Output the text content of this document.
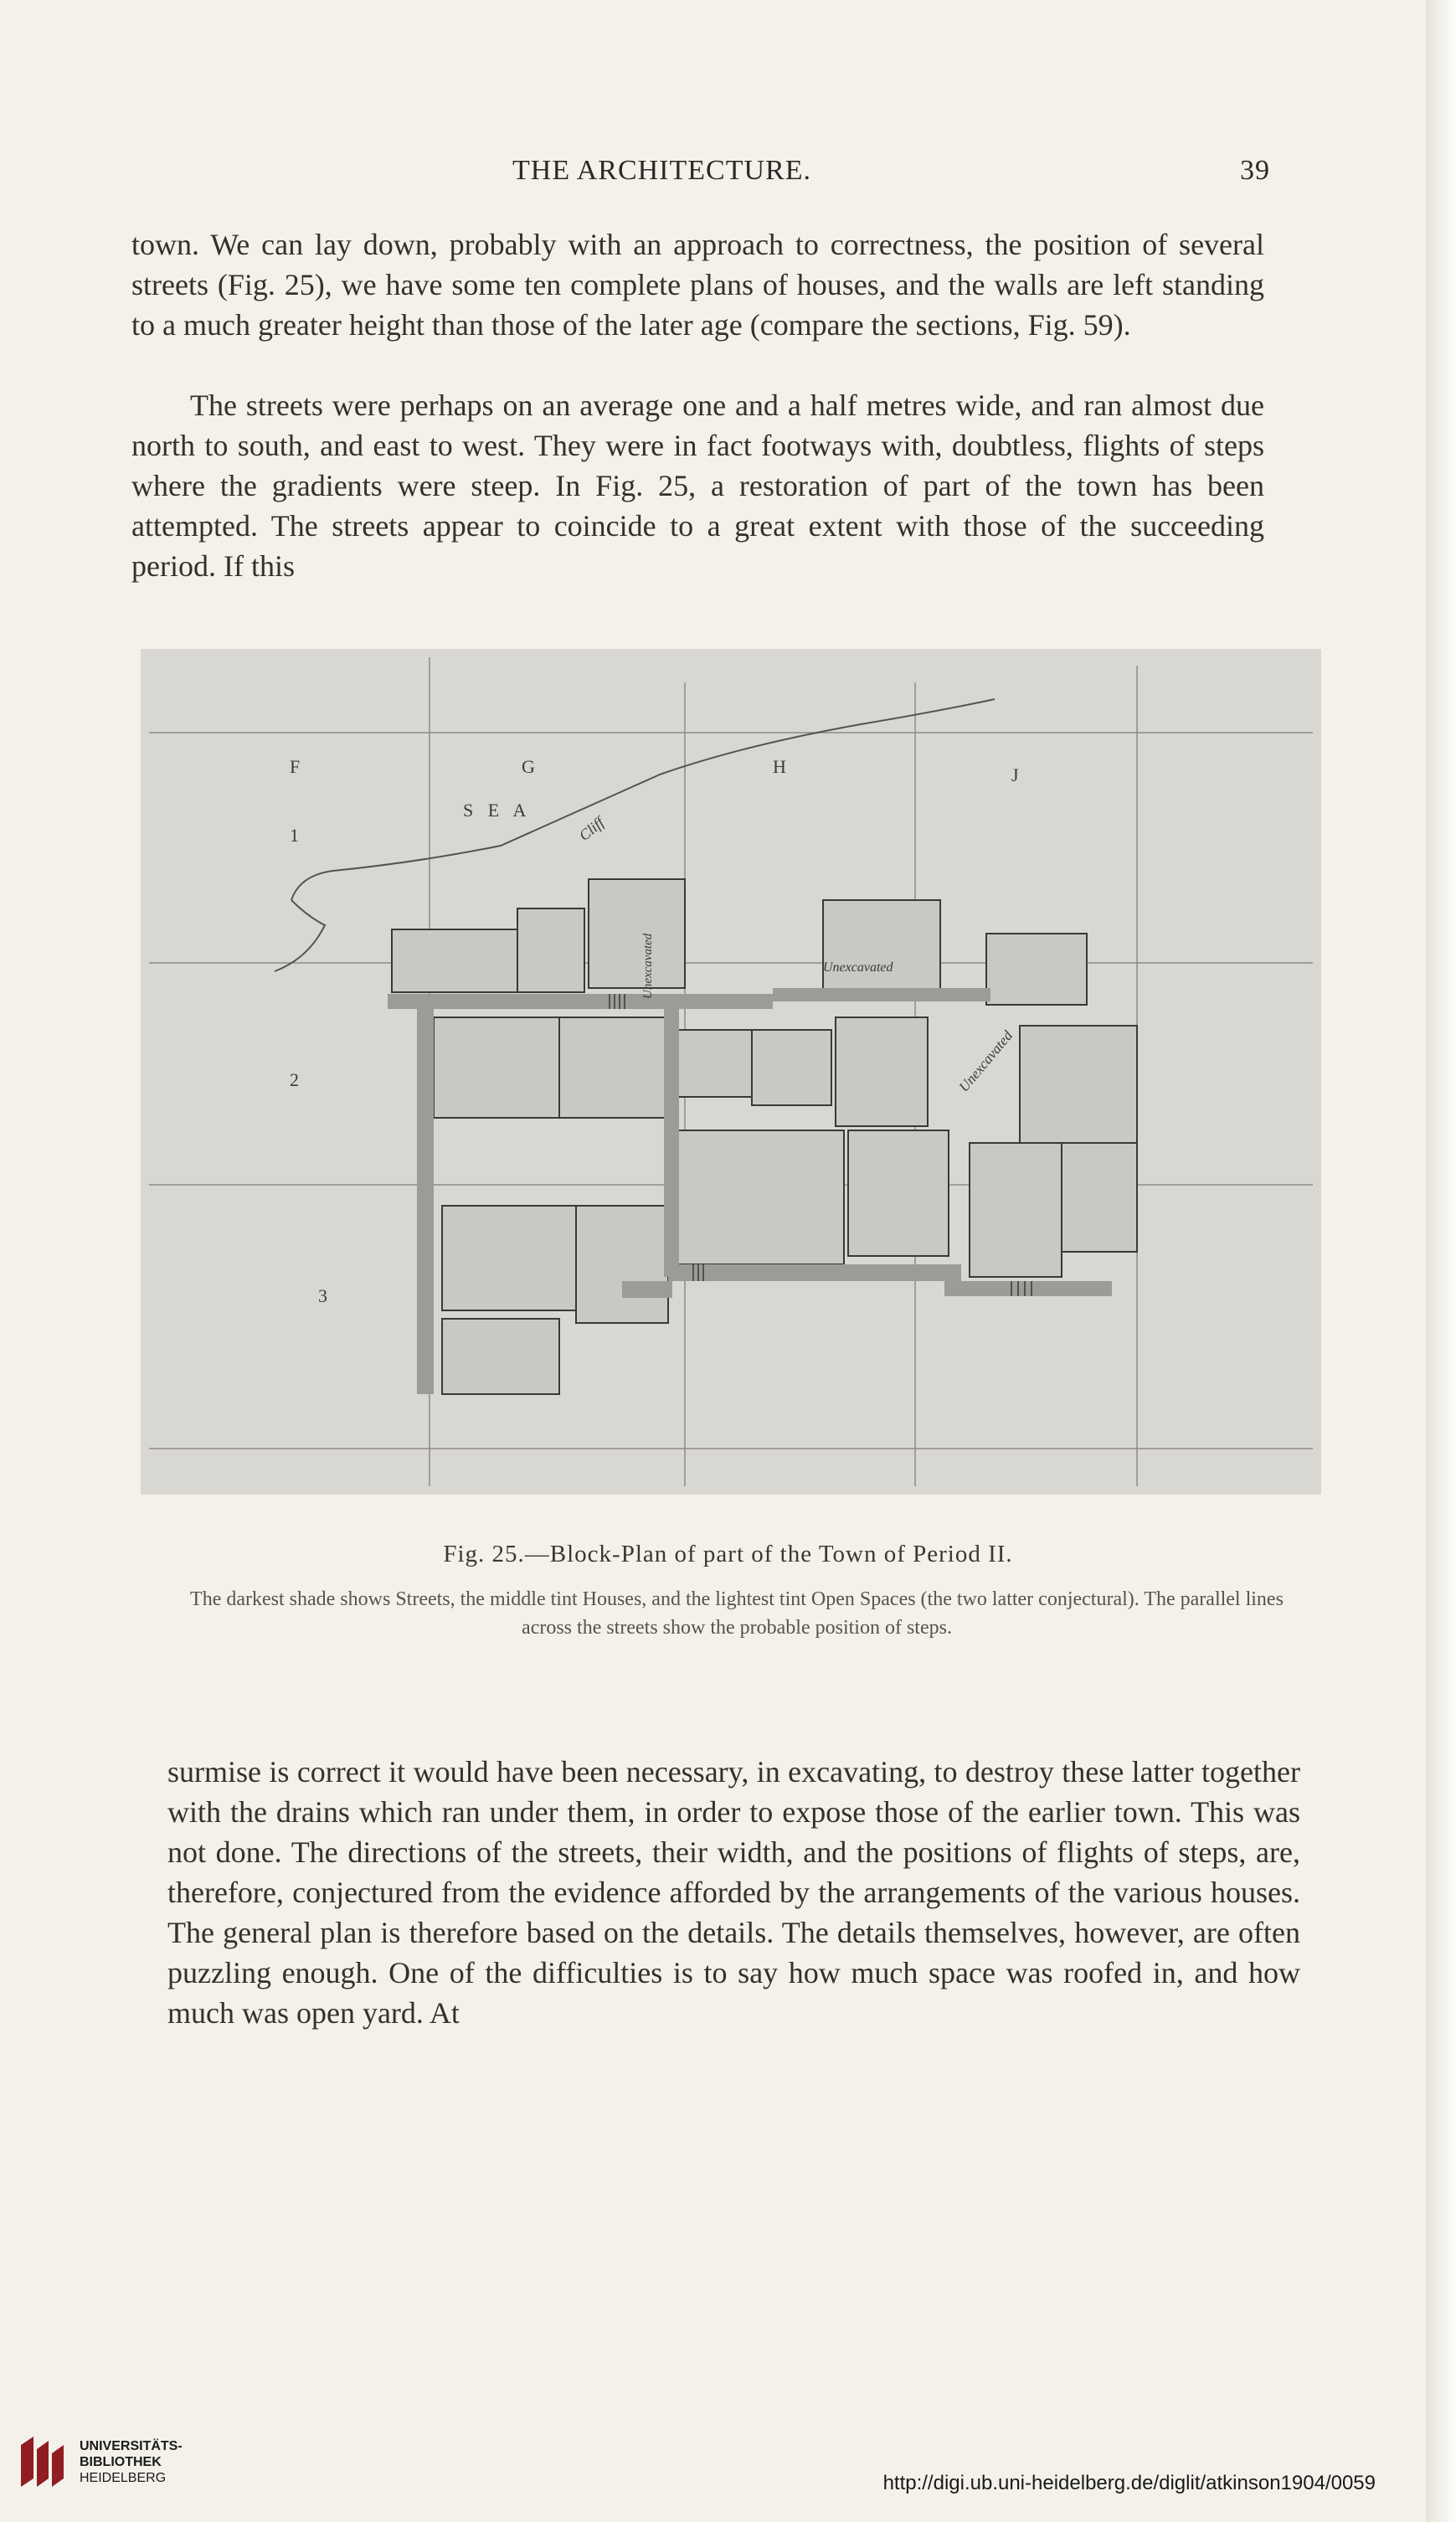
THE ARCHITECTURE.	39

town. We can lay down, probably with an approach to correctness, the position of several streets (Fig. 25), we have some ten complete plans of houses, and the walls are left standing to a much greater height than those of the later age (compare the sections, Fig. 59).

The streets were perhaps on an average one and a half metres wide, and ran almost due north to south, and east to west. They were in fact footways with, doubtless, flights of steps where the gradients were steep. In Fig. 25, a restoration of part of the town has been attempted. The streets appear to coincide to a great extent with those of the succeeding period. If this

F	G	H	J
1
2
3
S E A
Cliff
Unexcavated
Unexcavated
Unexcavated
Fig. 25.—Block-Plan of part of the Town of Period II.

The darkest shade shows Streets, the middle tint Houses, and the lightest tint Open Spaces (the two latter conjectural). The parallel lines across the streets show the probable position of steps.

surmise is correct it would have been necessary, in excavating, to destroy these latter together with the drains which ran under them, in order to expose those of the earlier town. This was not done. The directions of the streets, their width, and the positions of flights of steps, are, therefore, conjectured from the evidence afforded by the arrangements of the various houses. The general plan is therefore based on the details. The details themselves, however, are often puzzling enough. One of the difficulties is to say how much space was roofed in, and how much was open yard. At

UNIVERSITÄTS-
BIBLIOTHEK
HEIDELBERG	http://digi.ub.uni-heidelberg.de/diglit/atkinson1904/0059
